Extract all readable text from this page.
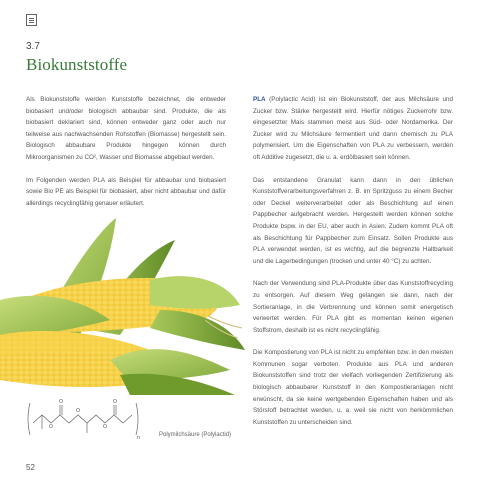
3.7
Biokunststoffe

Als Biokunststoffe werden Kunststoffe bezeichnet, die entweder biobasiert und/oder biologisch abbaubar sind. Produkte, die als biobasiert deklariert sind, können entweder ganz oder auch nur teilweise aus nachwachsenden Rohstoffen (Biomasse) hergestellt sein. Biologisch abbaubare Produkte hingegen können durch Mikroorganismen zu CO², Wasser und Biomasse abgebaut werden.

Im Folgenden werden PLA als Beispiel für abbaubar und biobasiert sowie Bio PE als Beispiel für biobasiert, aber nicht abbaubar und dafür allerdings recyclingfähig genauer erläutert.

PLA (Polylactic Acid) ist ein Biokunststoff, der aus Milchsäure und Zucker bzw. Stärke hergestellt wird. Hierfür nötiges Zuckerrohr bzw. eingesetzter Mais stammen meist aus Süd- oder Nordamerika. Der Zucker wird zu Milchsäure fermentiert und dann chemisch zu PLA polymerisiert. Um die Eigenschaften von PLA zu verbessern, werden oft Additive zugesetzt, die u. a. erdölbasiert sein können.

Das entstandene Granulat kann dann in den üblichen Kunststoffverarbeitungsverfahren z. B. im Spritzguss zu einem Becher oder Deckel weiterverarbeitet oder als Beschichtung auf einen Pappbecher aufgebracht werden. Hergestellt werden können solche Produkte bspw. in der EU, aber auch in Asien. Zudem kommt PLA oft als Beschichtung für Pappbecher zum Einsatz. Sollen Produkte aus PLA verwendet werden, ist es wichtig, auf die begrenzte Haltbarkeit und die Lagerbedingungen (trocken und unter 40 °C) zu achten.

Nach der Verwendung sind PLA-Produkte über das Kunststoffrecycling zu entsorgen. Auf diesem Weg gelangen sie dann, nach der Sortieranlage, in die Verbrennung und können somit energetisch verwertet werden. Für PLA gibt es momentan keinen eigenen Stoffstrom, deshalb ist es nicht recyclingfähig.

Die Kompostierung von PLA ist nicht zu empfehlen bzw. in den meisten Kommunen sogar verboten. Produkte aus PLA und anderen Biokunststoffen sind trotz der vielfach vorliegenden Zertifizierung als biologisch abbaubarer Kunststoff in den Kompostieranlagen nicht erwünscht, da sie keine wertgebenden Eigenschaften haben und als Störstoff betrachtet werden, u. a. weil sie nicht von herkömmlichen Kunststoffen zu unterscheiden sind.

O
O
O
O
O
n	Polymilchsäure (Polylactid)
52
